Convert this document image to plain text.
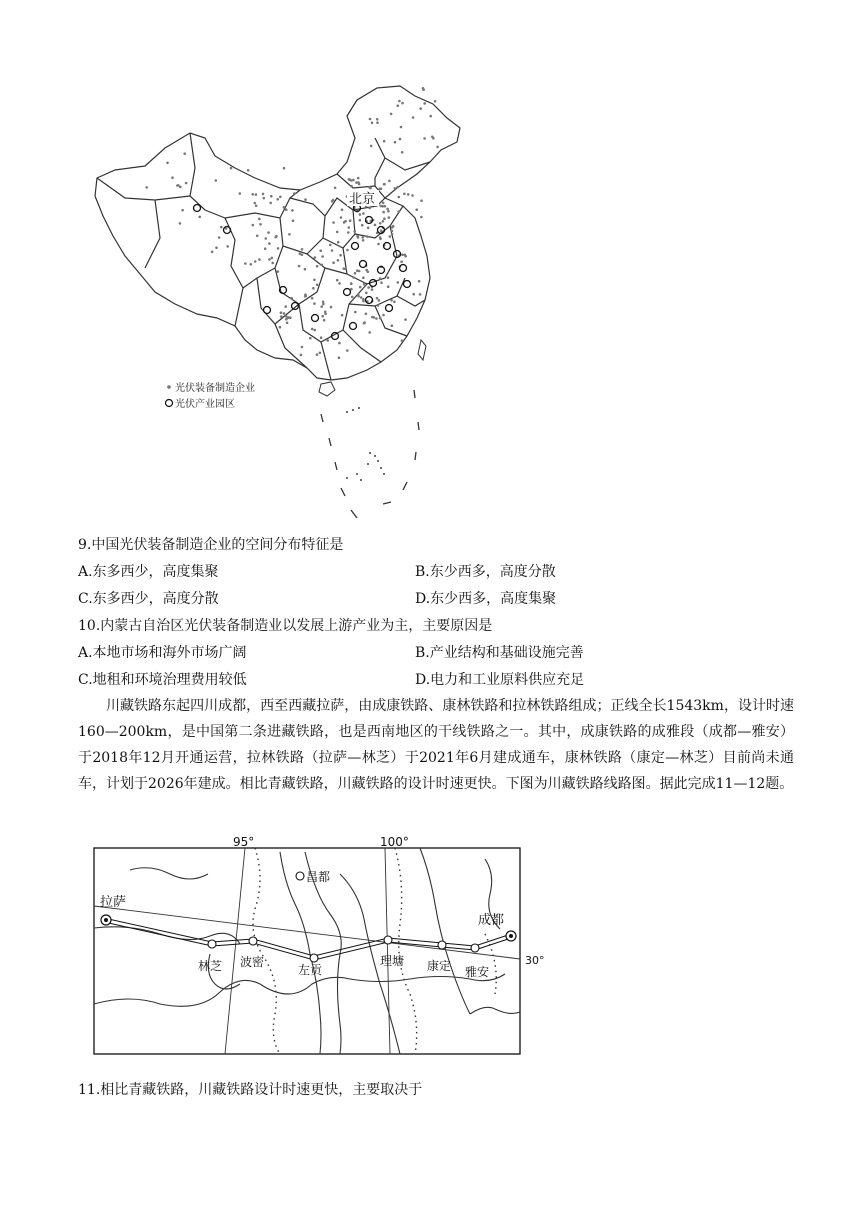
北京
光伏装备制造企业
光伏产业园区
9.中国光伏装备制造企业的空间分布特征是
A.东多西少，高度集聚	B.东少西多，高度分散
C.东多西少，高度分散	D.东少西多，高度集聚
10.内蒙古自治区光伏装备制造业以发展上游产业为主，主要原因是
A.本地市场和海外市场广阔	B.产业结构和基础设施完善
C.地租和环境治理费用较低	D.电力和工业原料供应充足
川藏铁路东起四川成都，西至西藏拉萨，由成康铁路、康林铁路和拉林铁路组成；正线全长1543km，设计时速160—200km，是中国第二条进藏铁路，也是西南地区的干线铁路之一。其中，成康铁路的成雅段（成都—雅安）于2018年12月开通运营，拉林铁路（拉萨—林芝）于2021年6月建成通车，康林铁路（康定—林芝）目前尚未通车，计划于2026年建成。相比青藏铁路，川藏铁路的设计时速更快。下图为川藏铁路线路图。据此完成11—12题。
拉萨
成都
昌都
林芝 波密
左贡
理塘 康定 雅安
95°	100°
30°
11.相比青藏铁路，川藏铁路设计时速更快，主要取决于
